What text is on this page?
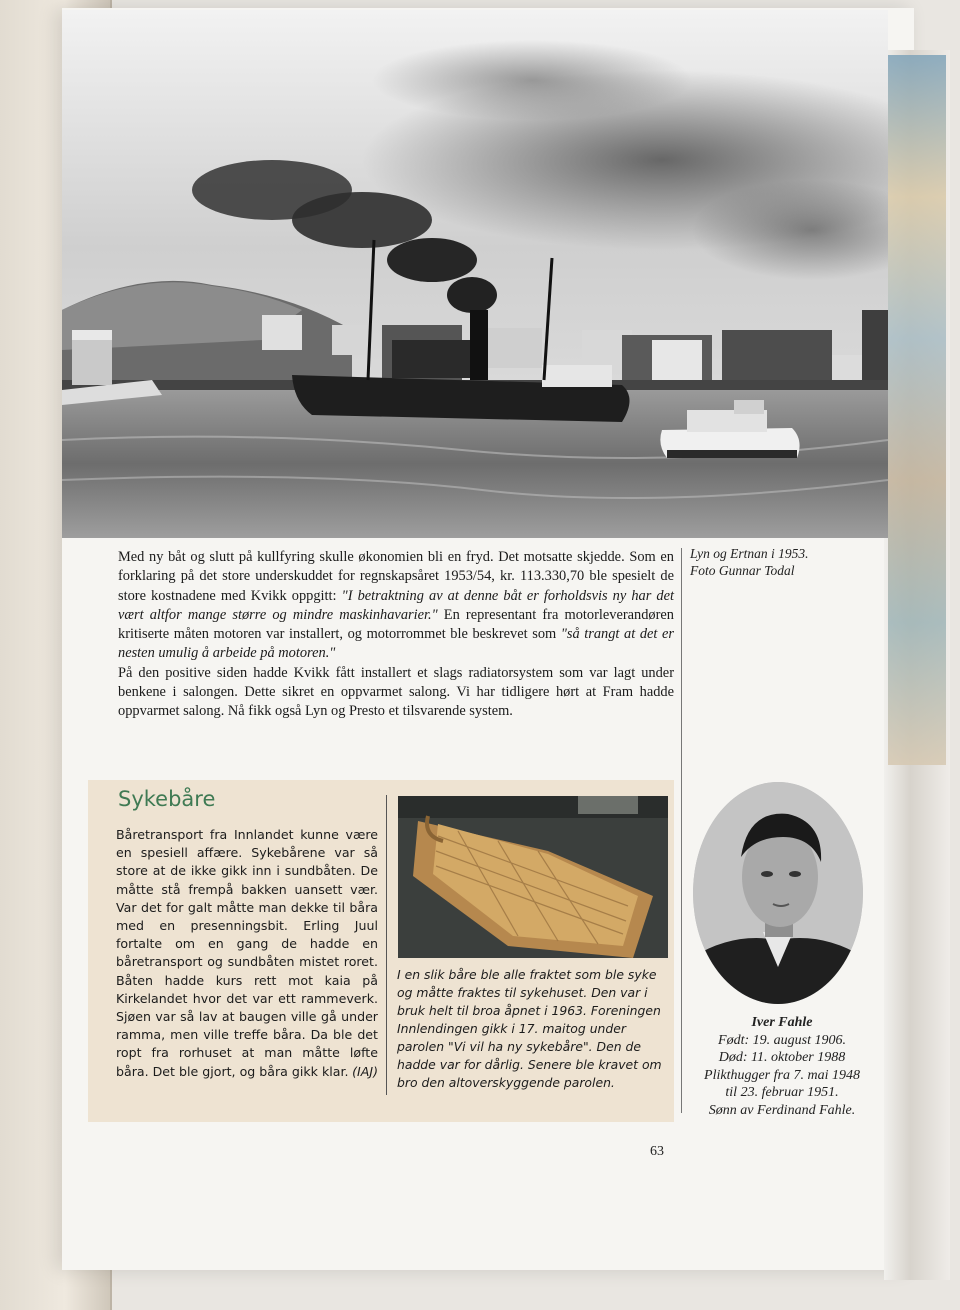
Lyn og Ertnan i 1953.
Foto Gunnar Todal

Med ny båt og slutt på kullfyring skulle økonomien bli en fryd. Det motsatte skjedde. Som en forklaring på det store underskuddet for regnskapsåret 1953/54, kr. 113.330,70 ble spesielt de store kostnadene med Kvikk oppgitt: "I betraktning av at denne båt er forholdsvis ny har det vært altfor mange større og mindre maskinhavarier." En representant fra motorleverandøren kritiserte måten motoren var installert, og motorrommet ble beskrevet som "så trangt at det er nesten umulig å arbeide på motoren."

På den positive siden hadde Kvikk fått installert et slags radiatorsystem som var lagt under benkene i salongen. Dette sikret en oppvarmet salong. Vi har tidligere hørt at Fram hadde oppvarmet salong. Nå fikk også Lyn og Presto et tilsvarende system.

Sykebåre
Båretransport fra Innlandet kunne være en spesiell affære. Sykebårene var så store at de ikke gikk inn i sundbåten. De måtte stå frempå bakken uansett vær. Var det for galt måtte man dekke til båra med en presenningsbit. Erling Juul fortalte om en gang de hadde en båretransport og sundbåten mistet roret. Båten hadde kurs rett mot kaia på Kirkelandet hvor det var ett rammeverk. Sjøen var så lav at baugen ville gå under ramma, men ville treffe båra. Da ble det ropt fra rorhuset at man måtte løfte båra. Det ble gjort, og båra gikk klar. (IAJ)
I en slik båre ble alle fraktet som ble syke og måtte fraktes til sykehuset. Den var i bruk helt til broa åpnet i 1963. Foreningen Innlendingen gikk i 17. maitog under parolen "Vi vil ha ny sykebåre". Den de hadde var for dårlig. Senere ble kravet om bro den altoverskyggende parolen.
Iver Fahle
Født: 19. august 1906.
Død: 11. oktober 1988
Plikthugger fra 7. mai 1948
til 23. februar 1951.
Sønn av Ferdinand Fahle.
63
